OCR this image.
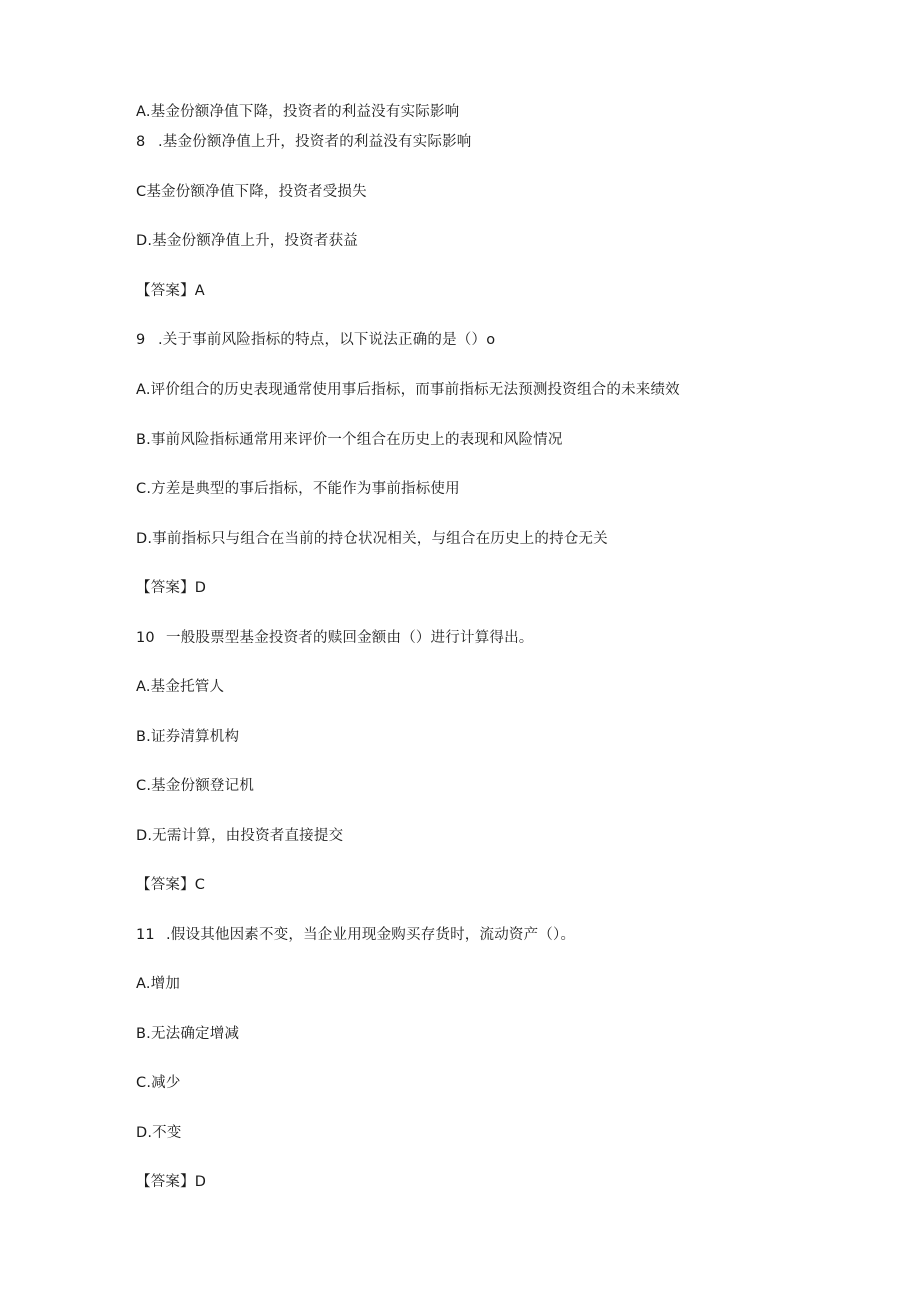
A.基金份额净值下降，投资者的利益没有实际影响
8 .基金份额净值上升，投资者的利益没有实际影响
C基金份额净值下降，投资者受损失
D.基金份额净值上升，投资者获益
【答案】A
9 .关于事前风险指标的特点，以下说法正确的是（）o
A.评价组合的历史表现通常使用事后指标，而事前指标无法预测投资组合的未来绩效
B.事前风险指标通常用来评价一个组合在历史上的表现和风险情况
C.方差是典型的事后指标，不能作为事前指标使用
D.事前指标只与组合在当前的持仓状况相关，与组合在历史上的持仓无关
【答案】D
10 一般股票型基金投资者的赎回金额由（）进行计算得出。
A.基金托管人
B.证券清算机构
C.基金份额登记机
D.无需计算，由投资者直接提交
【答案】C
11 .假设其他因素不变，当企业用现金购买存货时，流动资产（）。
A.增加
B.无法确定增减
C.减少
D.不变
【答案】D
